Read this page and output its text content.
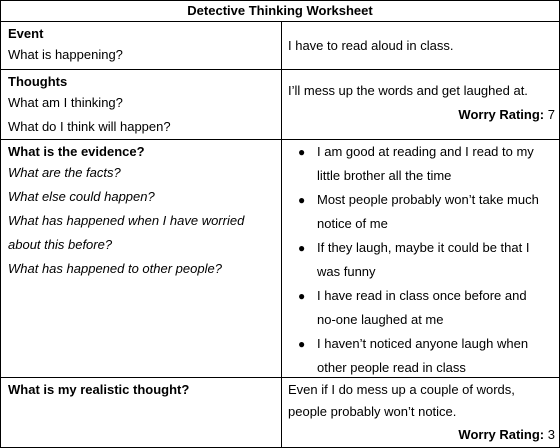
Detective Thinking Worksheet
Event
What is happening?
I have to read aloud in class.
Thoughts
What am I thinking?
What do I think will happen?
I’ll mess up the words and get laughed at.
Worry Rating: 7
What is the evidence?
What are the facts?
What else could happen?
What has happened when I have worried
about this before?
What has happened to other people?
● I am good at reading and I read to my
little brother all the time
● Most people probably won’t take much
notice of me
● If they laugh, maybe it could be that I
was funny
● I have read in class once before and
no-one laughed at me
● I haven’t noticed anyone laugh when
other people read in class
What is my realistic thought?	Even if I do mess up a couple of words,
people probably won’t notice.
Worry Rating: 3
